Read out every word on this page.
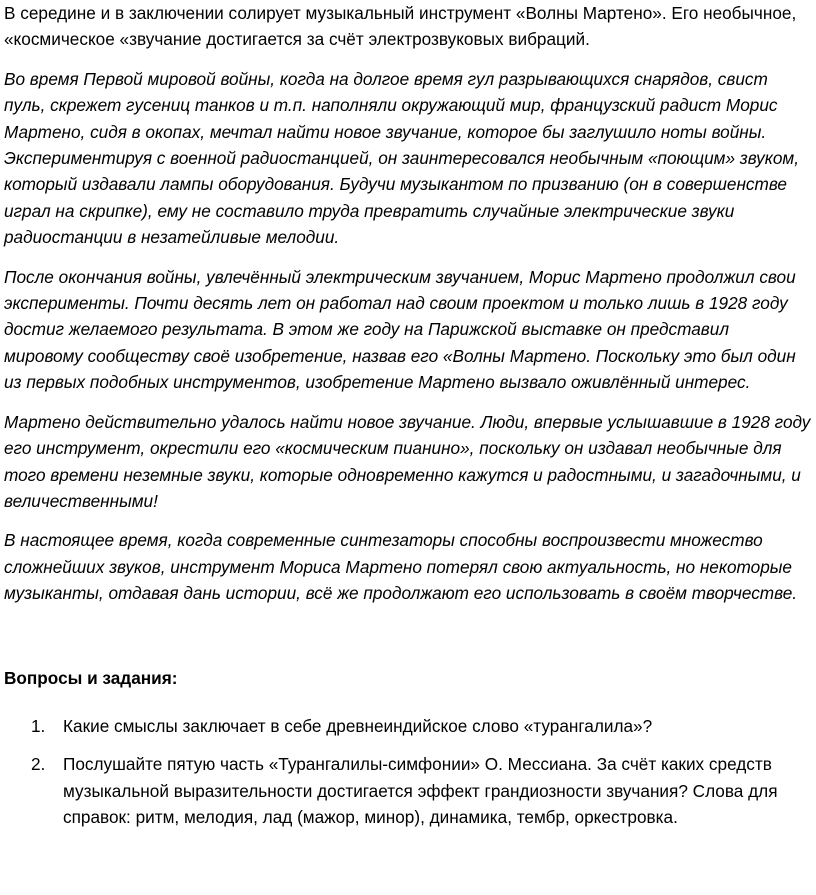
В середине и в заключении солирует музыкальный инструмент «Волны Мартено». Его необычное, «космическое «звучание достигается за счёт электрозвуковых вибраций.

Во время Первой мировой войны, когда на долгое время гул разрывающихся снарядов, свист пуль, скрежет гусениц танков и т.п. наполняли окружающий мир, французский радист Морис Мартено, сидя в окопах, мечтал найти новое звучание, которое бы заглушило ноты войны. Экспериментируя с военной радиостанцией, он заинтересовался необычным «поющим» звуком, который издавали лампы оборудования. Будучи музыкантом по призванию (он в совершенстве играл на скрипке), ему не составило труда превратить случайные электрические звуки радиостанции в незатейливые мелодии.

После окончания войны, увлечённый электрическим звучанием, Морис Мартено продолжил свои эксперименты. Почти десять лет он работал над своим проектом и только лишь в 1928 году достиг желаемого результата. В этом же году на Парижской выставке он представил мировому сообществу своё изобретение, назвав его «Волны Мартено. Поскольку это был один из первых подобных инструментов, изобретение Мартено вызвало оживлённый интерес.

Мартено действительно удалось найти новое звучание. Люди, впервые услышавшие в 1928 году его инструмент, окрестили его «космическим пианино», поскольку он издавал необычные для того времени неземные звуки, которые одновременно кажутся и радостными, и загадочными, и величественными!

В настоящее время, когда современные синтезаторы способны воспроизвести множество сложнейших звуков, инструмент Мориса Мартено потерял свою актуальность, но некоторые музыканты, отдавая дань истории, всё же продолжают его использовать в своём творчестве.

Вопросы и задания:

1. Какие смыслы заключает в себе древнеиндийское слово «турангалила»?
2. Послушайте пятую часть «Турангалилы-симфонии» О. Мессиана. За счёт каких средств музыкальной выразительности достигается эффект грандиозности звучания? Слова для справок: ритм, мелодия, лад (мажор, минор), динамика, тембр, оркестровка.
